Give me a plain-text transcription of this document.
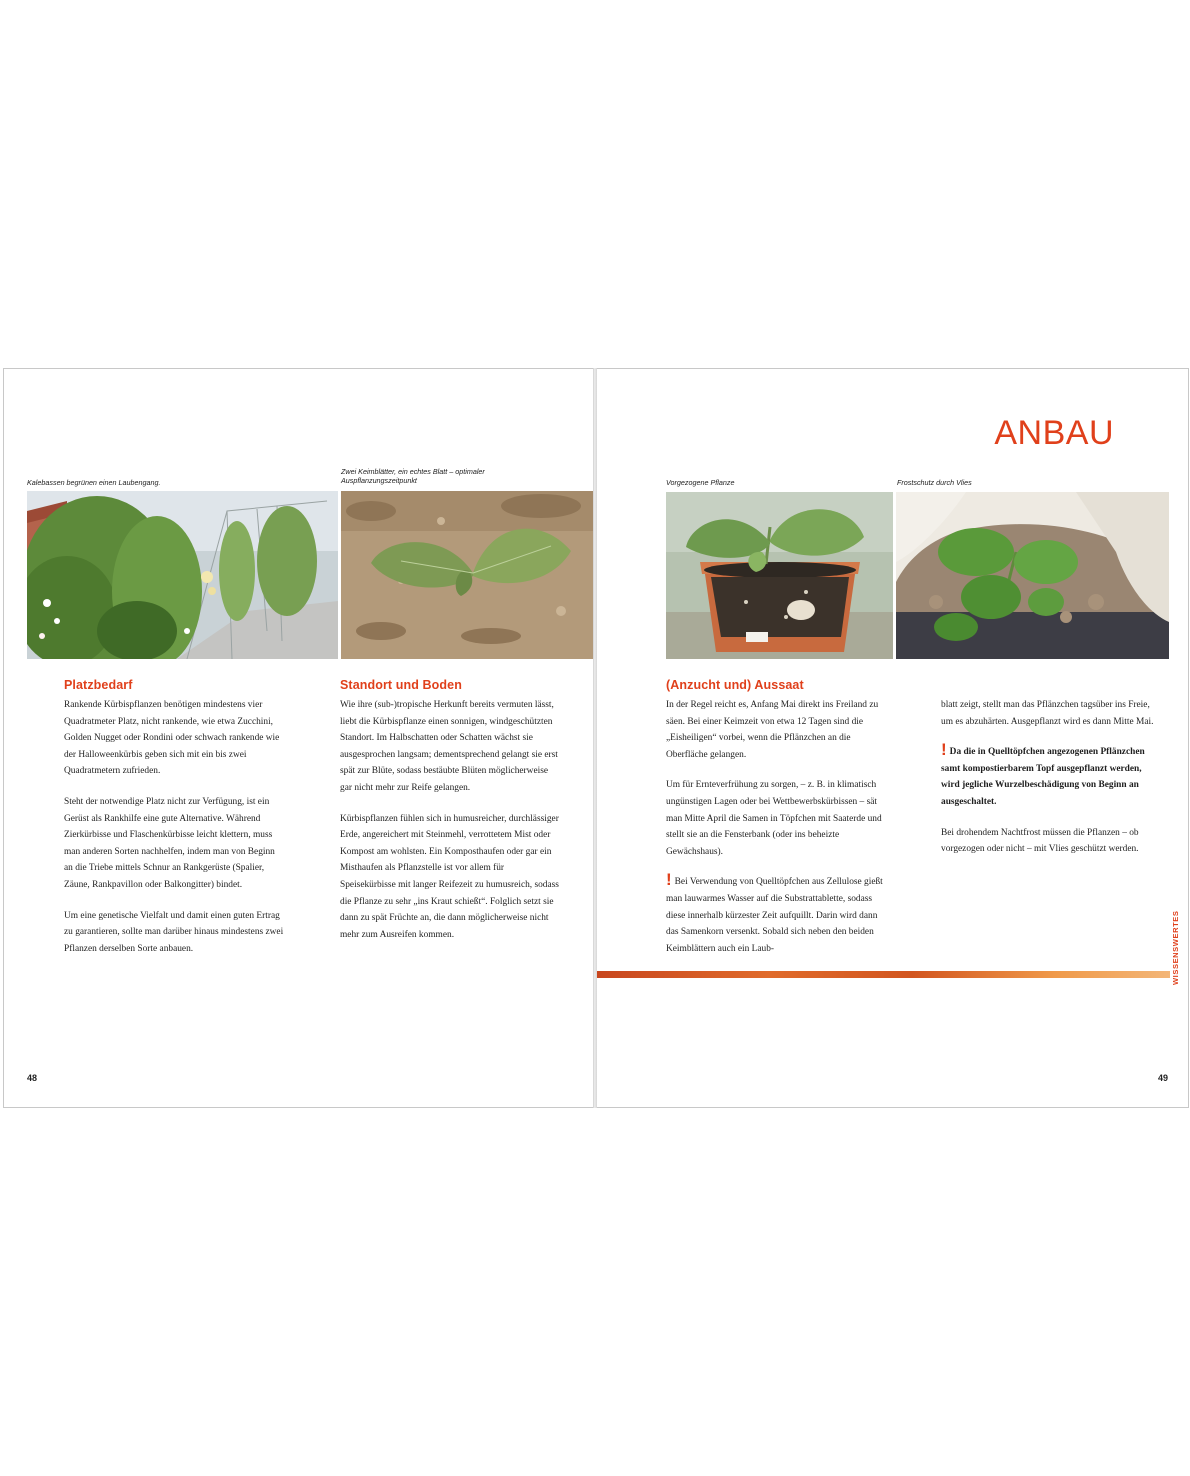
Kalebassen begrünen einen Laubengang.
Zwei Keimblätter, ein echtes Blatt – optimaler Auspflanzungszeitpunkt
Platzbedarf

Rankende Kürbispflanzen benötigen mindestens vier Quadratmeter Platz, nicht rankende, wie etwa Zucchini, Golden Nugget oder Rondini oder schwach rankende wie der Halloweenkürbis geben sich mit ein bis zwei Quadratmetern zufrieden.

Steht der notwendige Platz nicht zur Verfügung, ist ein Gerüst als Rankhilfe eine gute Alternative. Während Zierkürbisse und Flaschenkürbisse leicht klettern, muss man anderen Sorten nachhelfen, indem man von Beginn an die Triebe mittels Schnur an Rankgerüste (Spalier, Zäune, Rankpavillon oder Balkongitter) bindet.

Um eine genetische Vielfalt und damit einen guten Ertrag zu garantieren, sollte man darüber hinaus mindestens zwei Pflanzen derselben Sorte anbauen.

Standort und Boden

Wie ihre (sub-)tropische Herkunft bereits vermuten lässt, liebt die Kürbispflanze einen sonnigen, windgeschützten Standort. Im Halbschatten oder Schatten wächst sie ausgesprochen langsam; dementsprechend gelangt sie erst spät zur Blüte, sodass bestäubte Blüten möglicherweise gar nicht mehr zur Reife gelangen.

Kürbispflanzen fühlen sich in humusreicher, durchlässiger Erde, angereichert mit Steinmehl, verrottetem Mist oder Kompost am wohlsten. Ein Komposthaufen oder gar ein Misthaufen als Pflanzstelle ist vor allem für Speisekürbisse mit langer Reifezeit zu humusreich, sodass die Pflanze zu sehr „ins Kraut schießt“. Folglich setzt sie dann zu spät Früchte an, die dann möglicherweise nicht mehr zum Ausreifen kommen.

48
ANBAU
Vorgezogene Pflanze	Frostschutz durch Vlies
(Anzucht und) Aussaat

In der Regel reicht es, Anfang Mai direkt ins Freiland zu säen. Bei einer Keimzeit von etwa 12 Tagen sind die „Eisheiligen“ vorbei, wenn die Pflänzchen an die Oberfläche gelangen.

Um für Ernteverfrühung zu sorgen, – z. B. in klimatisch ungünstigen Lagen oder bei Wettbewerbskürbissen – sät man Mitte April die Samen in Töpfchen mit Saaterde und stellt sie an die Fensterbank (oder ins beheizte Gewächshaus).

! Bei Verwendung von Quelltöpfchen aus Zellulose gießt man lauwarmes Wasser auf die Substrattablette, sodass diese innerhalb kürzester Zeit aufquillt. Darin wird dann das Samenkorn versenkt. Sobald sich neben den beiden Keimblättern auch ein Laub-

blatt zeigt, stellt man das Pflänzchen tagsüber ins Freie, um es abzuhärten. Ausgepflanzt wird es dann Mitte Mai.

! Da die in Quelltöpfchen angezogenen Pflänzchen samt kompostierbarem Topf ausgepflanzt werden, wird jegliche Wurzelbeschädigung von Beginn an ausgeschaltet.

Bei drohendem Nachtfrost müssen die Pflanzen – ob vorgezogen oder nicht – mit Vlies geschützt werden.

WISSENSWERTES
49
